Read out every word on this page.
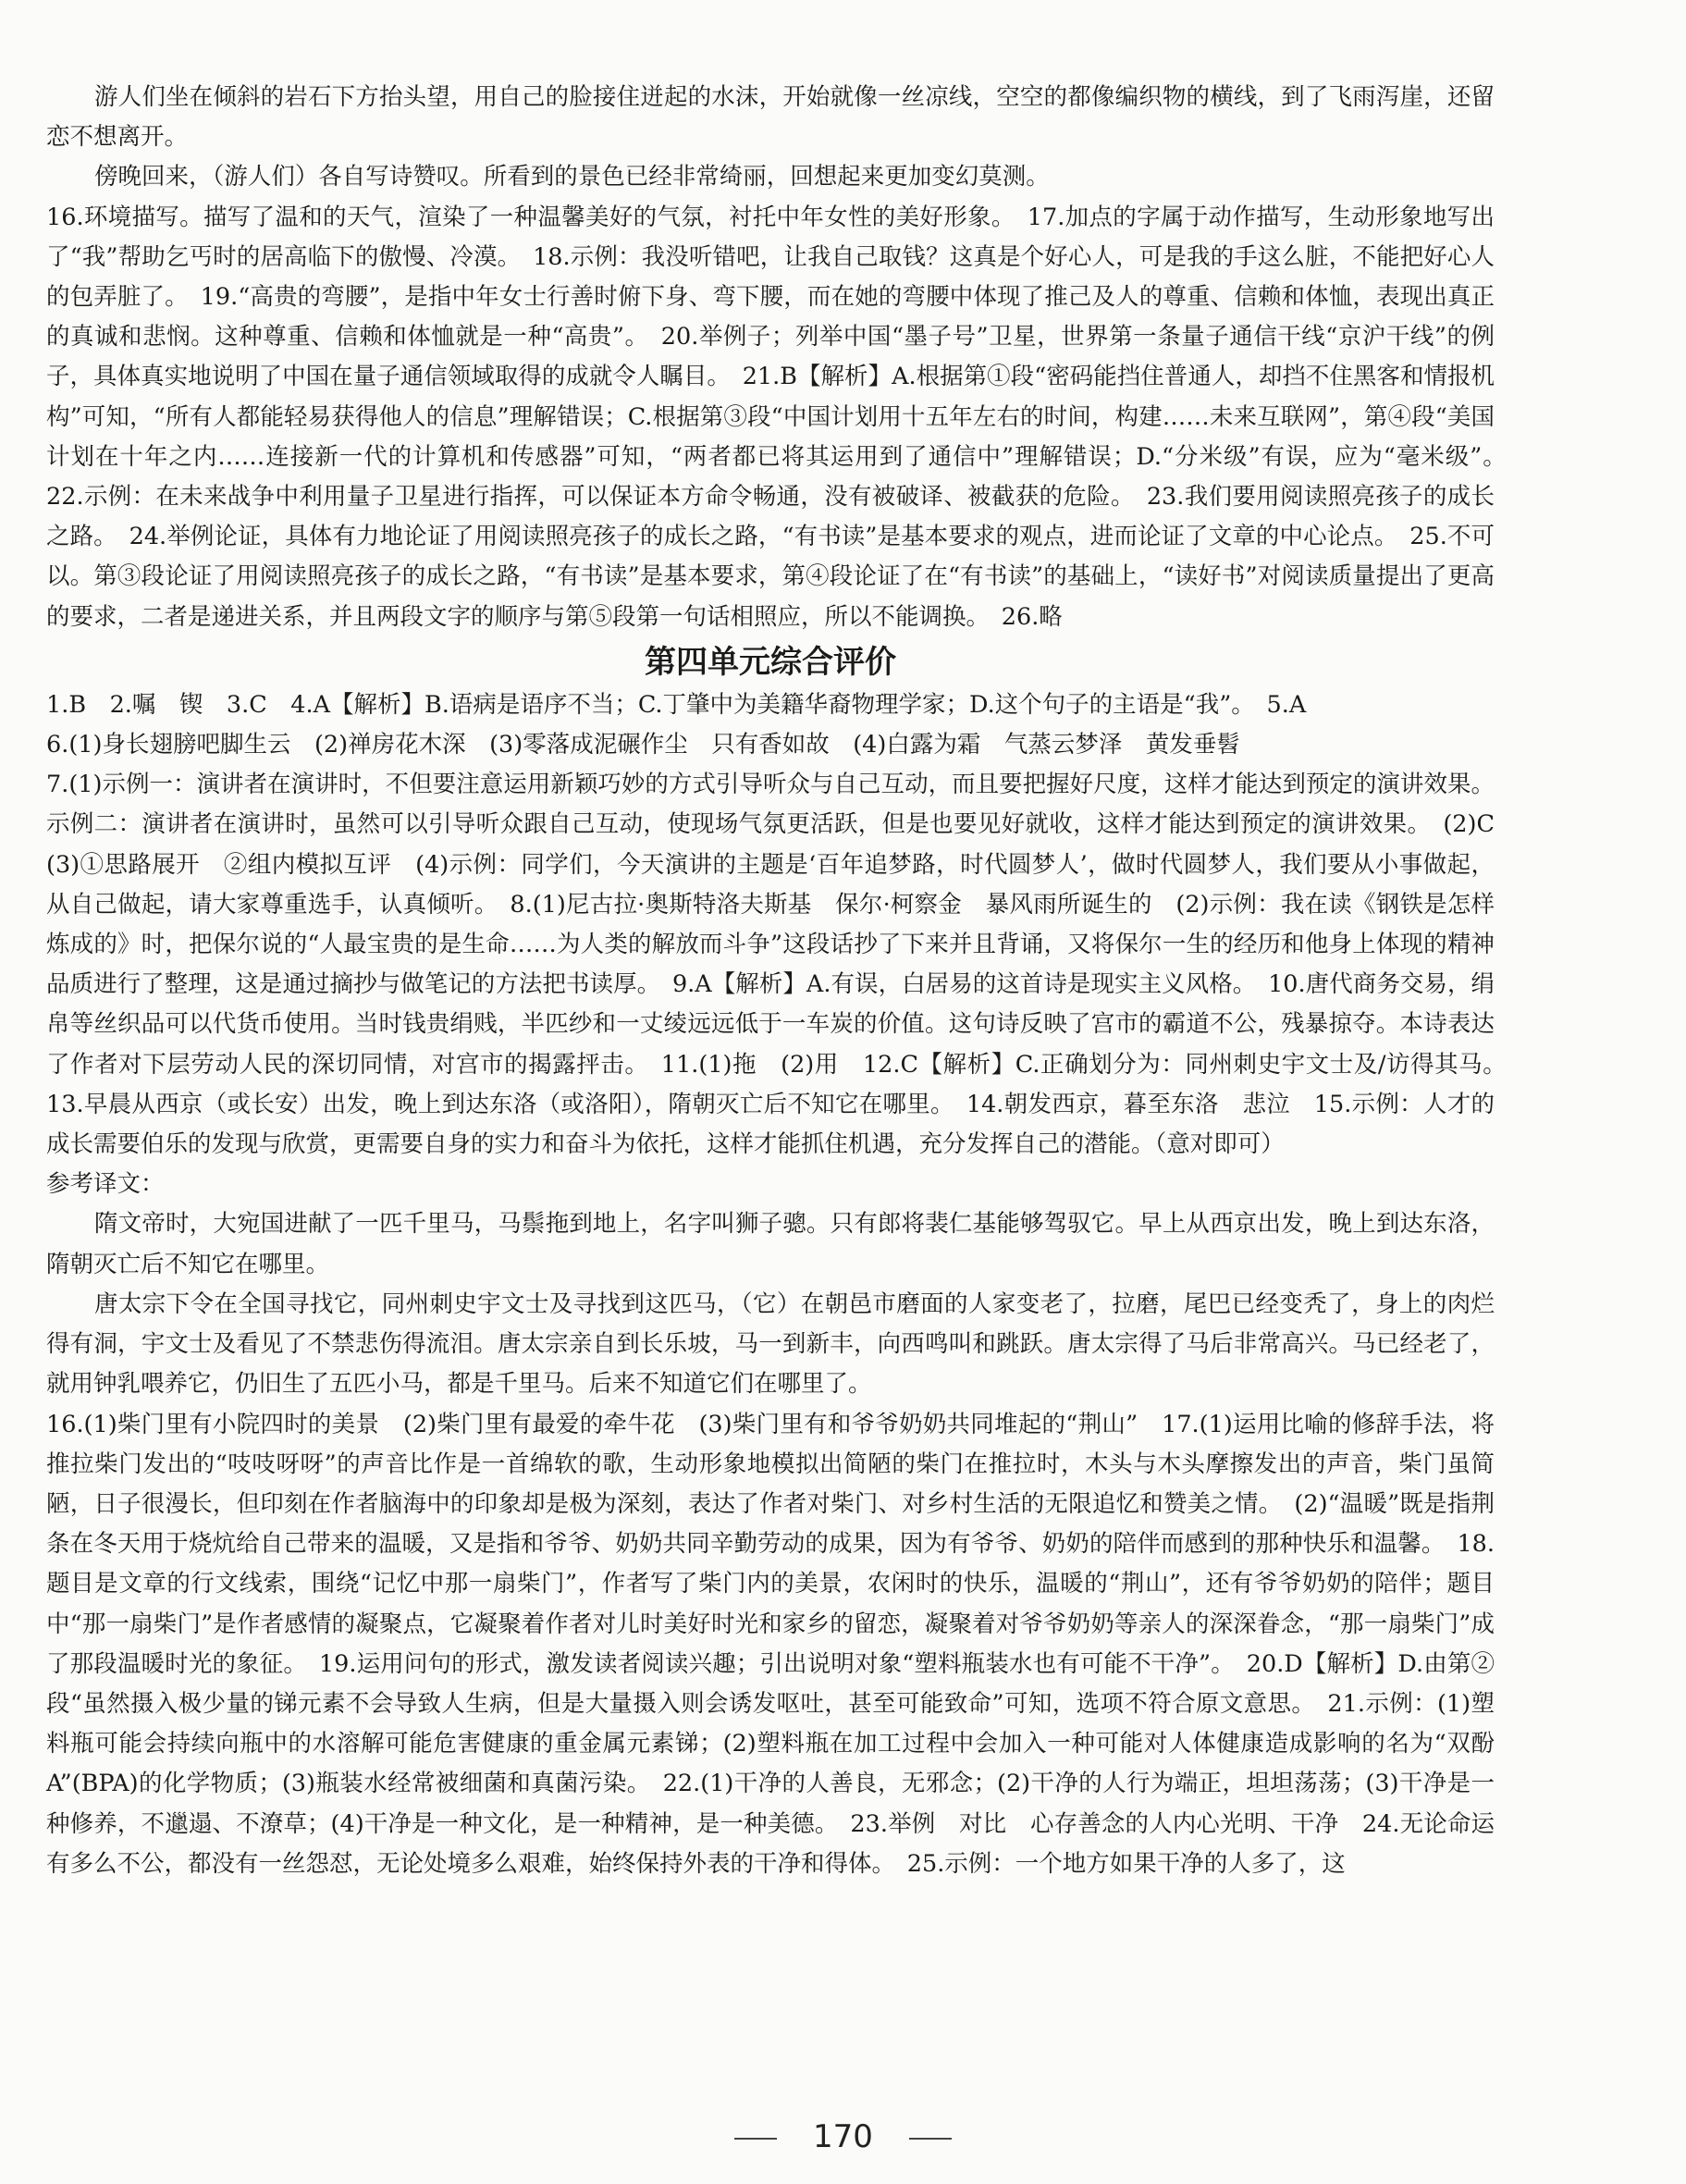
游人们坐在倾斜的岩石下方抬头望，用自己的脸接住迸起的水沫，开始就像一丝凉线，空空的都像编织物的横线，到了飞雨泻崖，还留恋不想离开。

傍晚回来，（游人们）各自写诗赞叹。所看到的景色已经非常绮丽，回想起来更加变幻莫测。

16.环境描写。描写了温和的天气，渲染了一种温馨美好的气氛，衬托中年女性的美好形象。　17.加点的字属于动作描写，生动形象地写出了“我”帮助乞丐时的居高临下的傲慢、冷漠。　18.示例：我没听错吧，让我自己取钱？这真是个好心人，可是我的手这么脏，不能把好心人的包弄脏了。　19.“高贵的弯腰”，是指中年女士行善时俯下身、弯下腰，而在她的弯腰中体现了推己及人的尊重、信赖和体恤，表现出真正的真诚和悲悯。这种尊重、信赖和体恤就是一种“高贵”。　20.举例子；列举中国“墨子号”卫星，世界第一条量子通信干线“京沪干线”的例子，具体真实地说明了中国在量子通信领域取得的成就令人瞩目。　21.B【解析】A.根据第①段“密码能挡住普通人，却挡不住黑客和情报机构”可知，“所有人都能轻易获得他人的信息”理解错误；C.根据第③段“中国计划用十五年左右的时间，构建……未来互联网”，第④段“美国计划在十年之内……连接新一代的计算机和传感器”可知，“两者都已将其运用到了通信中”理解错误；D.“分米级”有误，应为“毫米级”。　22.示例：在未来战争中利用量子卫星进行指挥，可以保证本方命令畅通，没有被破译、被截获的危险。　23.我们要用阅读照亮孩子的成长之路。　24.举例论证，具体有力地论证了用阅读照亮孩子的成长之路，“有书读”是基本要求的观点，进而论证了文章的中心论点。　25.不可以。第③段论证了用阅读照亮孩子的成长之路，“有书读”是基本要求，第④段论证了在“有书读”的基础上，“读好书”对阅读质量提出了更高的要求，二者是递进关系，并且两段文字的顺序与第⑤段第一句话相照应，所以不能调换。　26.略

第四单元综合评价

1.B　2.嘱　锲　3.C　4.A【解析】B.语病是语序不当；C.丁肇中为美籍华裔物理学家；D.这个句子的主语是“我”。　5.A

6.(1)身长翅膀吧脚生云　(2)禅房花木深　(3)零落成泥碾作尘　只有香如故　(4)白露为霜　气蒸云梦泽　黄发垂髫

7.(1)示例一：演讲者在演讲时，不但要注意运用新颖巧妙的方式引导听众与自己互动，而且要把握好尺度，这样才能达到预定的演讲效果。示例二：演讲者在演讲时，虽然可以引导听众跟自己互动，使现场气氛更活跃，但是也要见好就收，这样才能达到预定的演讲效果。　(2)C　(3)①思路展开　②组内模拟互评　(4)示例：同学们，今天演讲的主题是‘百年追梦路，时代圆梦人’，做时代圆梦人，我们要从小事做起，从自己做起，请大家尊重选手，认真倾听。　8.(1)尼古拉·奥斯特洛夫斯基　保尔·柯察金　暴风雨所诞生的　(2)示例：我在读《钢铁是怎样炼成的》时，把保尔说的“人最宝贵的是生命……为人类的解放而斗争”这段话抄了下来并且背诵，又将保尔一生的经历和他身上体现的精神品质进行了整理，这是通过摘抄与做笔记的方法把书读厚。　9.A【解析】A.有误，白居易的这首诗是现实主义风格。　10.唐代商务交易，绢帛等丝织品可以代货币使用。当时钱贵绢贱，半匹纱和一丈绫远远低于一车炭的价值。这句诗反映了宫市的霸道不公，残暴掠夺。本诗表达了作者对下层劳动人民的深切同情，对宫市的揭露抨击。　11.(1)拖　(2)用　12.C【解析】C.正确划分为：同州刺史宇文士及/访得其马。　13.早晨从西京（或长安）出发，晚上到达东洛（或洛阳），隋朝灭亡后不知它在哪里。　14.朝发西京，暮至东洛　悲泣　15.示例：人才的成长需要伯乐的发现与欣赏，更需要自身的实力和奋斗为依托，这样才能抓住机遇，充分发挥自己的潜能。（意对即可）

参考译文：

隋文帝时，大宛国进献了一匹千里马，马鬃拖到地上，名字叫狮子骢。只有郎将裴仁基能够驾驭它。早上从西京出发，晚上到达东洛，隋朝灭亡后不知它在哪里。

唐太宗下令在全国寻找它，同州刺史宇文士及寻找到这匹马，（它）在朝邑市磨面的人家变老了，拉磨，尾巴已经变秃了，身上的肉烂得有洞，宇文士及看见了不禁悲伤得流泪。唐太宗亲自到长乐坡，马一到新丰，向西鸣叫和跳跃。唐太宗得了马后非常高兴。马已经老了，就用钟乳喂养它，仍旧生了五匹小马，都是千里马。后来不知道它们在哪里了。

16.(1)柴门里有小院四时的美景　(2)柴门里有最爱的牵牛花　(3)柴门里有和爷爷奶奶共同堆起的“荆山”　17.(1)运用比喻的修辞手法，将推拉柴门发出的“吱吱呀呀”的声音比作是一首绵软的歌，生动形象地模拟出简陋的柴门在推拉时，木头与木头摩擦发出的声音，柴门虽简陋，日子很漫长，但印刻在作者脑海中的印象却是极为深刻，表达了作者对柴门、对乡村生活的无限追忆和赞美之情。　(2)“温暖”既是指荆条在冬天用于烧炕给自己带来的温暖，又是指和爷爷、奶奶共同辛勤劳动的成果，因为有爷爷、奶奶的陪伴而感到的那种快乐和温馨。　18.题目是文章的行文线索，围绕“记忆中那一扇柴门”，作者写了柴门内的美景，农闲时的快乐，温暖的“荆山”，还有爷爷奶奶的陪伴；题目中“那一扇柴门”是作者感情的凝聚点，它凝聚着作者对儿时美好时光和家乡的留恋，凝聚着对爷爷奶奶等亲人的深深眷念，“那一扇柴门”成了那段温暖时光的象征。　19.运用问句的形式，激发读者阅读兴趣；引出说明对象“塑料瓶装水也有可能不干净”。　20.D【解析】D.由第②段“虽然摄入极少量的锑元素不会导致人生病，但是大量摄入则会诱发呕吐，甚至可能致命”可知，选项不符合原文意思。　21.示例：(1)塑料瓶可能会持续向瓶中的水溶解可能危害健康的重金属元素锑；(2)塑料瓶在加工过程中会加入一种可能对人体健康造成影响的名为“双酚A”(BPA)的化学物质；(3)瓶装水经常被细菌和真菌污染。　22.(1)干净的人善良，无邪念；(2)干净的人行为端正，坦坦荡荡；(3)干净是一种修养，不邋遢、不潦草；(4)干净是一种文化，是一种精神，是一种美德。　23.举例　对比　心存善念的人内心光明、干净　24.无论命运有多么不公，都没有一丝怨怼，无论处境多么艰难，始终保持外表的干净和得体。　25.示例：一个地方如果干净的人多了，这

170
